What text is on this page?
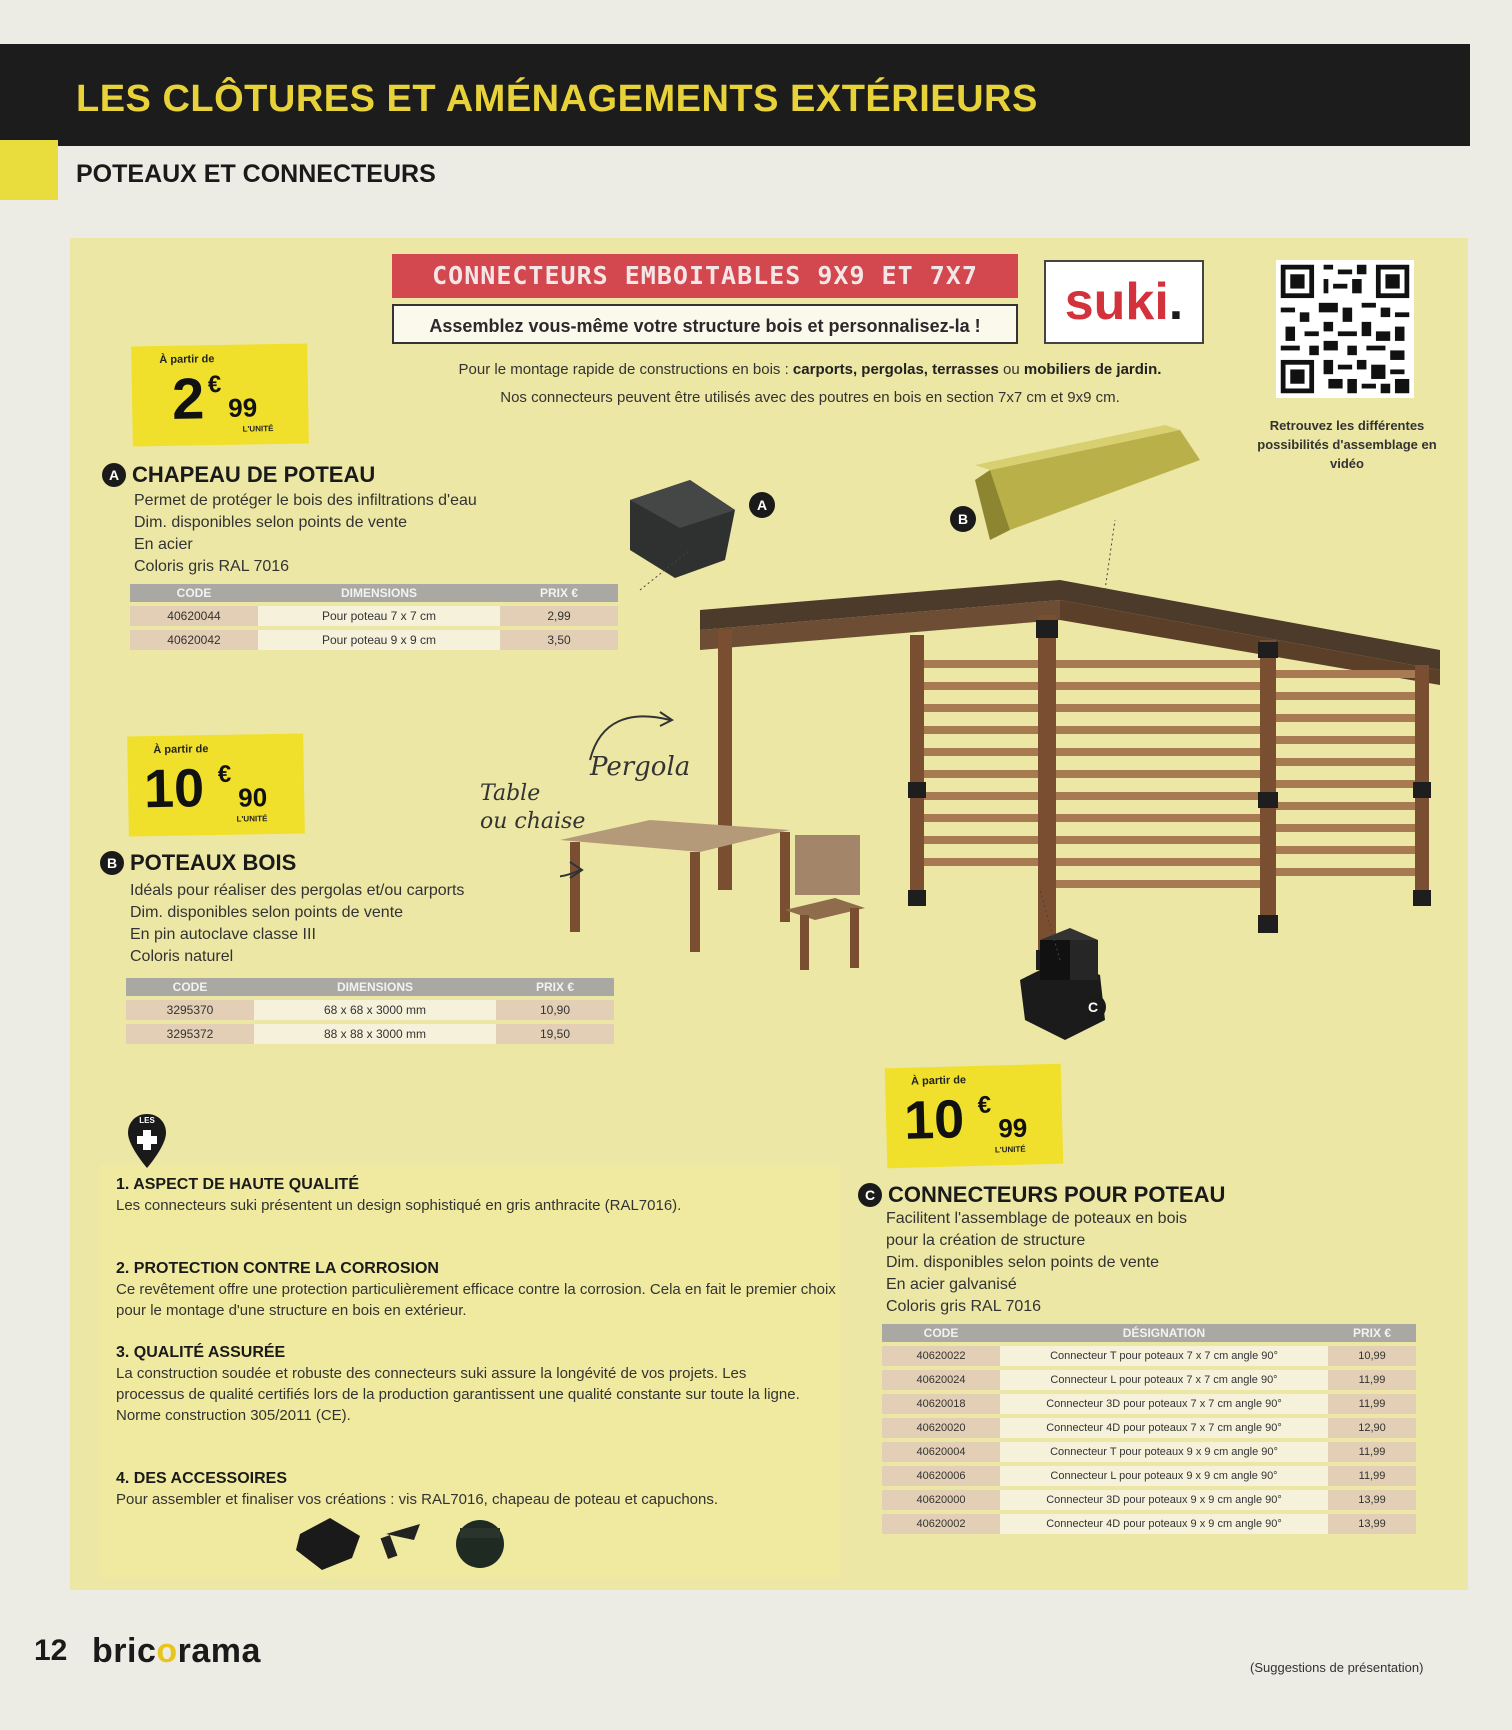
LES CLÔTURES ET AMÉNAGEMENTS EXTÉRIEURS
POTEAUX ET CONNECTEURS
CONNECTEURS EMBOITABLES 9X9 ET 7X7
Assemblez vous-même votre structure bois et personnalisez-la !	suki.
Retrouvez les différentes possibilités d'assemblage en vidéo
Pour le montage rapide de constructions en bois : carports, pergolas, terrasses ou mobiliers de jardin.
Nos connecteurs peuvent être utilisés avec des poutres en bois en section 7x7 cm et 9x9 cm.
À partir de
2 €
99
L'UNITÉ
A CHAPEAU DE POTEAU
Permet de protéger le bois des infiltrations d'eau
Dim. disponibles selon points de vente
En acier
Coloris gris RAL 7016
CODE	DIMENSIONS	PRIX €
40620044	Pour poteau 7 x 7 cm	2,99
40620042	Pour poteau 9 x 9 cm	3,50
À partir de
10 €
90
L'UNITÉ
B POTEAUX BOIS
Idéals pour réaliser des pergolas et/ou carports
Dim. disponibles selon points de vente
En pin autoclave classe III
Coloris naturel
CODE	DIMENSIONS	PRIX €
3295370	68 x 68 x 3000 mm	10,90
3295372	88 x 88 x 3000 mm	19,50
A
B
C
Pergola
Table
ou chaise
À partir de
10 €
99
L'UNITÉ
C CONNECTEURS POUR POTEAU
Facilitent l'assemblage de poteaux en bois
pour la création de structure
Dim. disponibles selon points de vente
En acier galvanisé
Coloris gris RAL 7016
CODE	DÉSIGNATION	PRIX €
40620022	Connecteur T pour poteaux 7 x 7 cm angle 90°	10,99
40620024	Connecteur L pour poteaux 7 x 7 cm angle 90°	11,99
40620018	Connecteur 3D pour poteaux 7 x 7 cm angle 90°	11,99
40620020	Connecteur 4D pour poteaux 7 x 7 cm angle 90°	12,90
40620004	Connecteur T pour poteaux 9 x 9 cm angle 90°	11,99
40620006	Connecteur L pour poteaux 9 x 9 cm angle 90°	11,99
40620000	Connecteur 3D pour poteaux 9 x 9 cm angle 90°	13,99
40620002	Connecteur 4D pour poteaux 9 x 9 cm angle 90°	13,99
LES
1. ASPECT DE HAUTE QUALITÉ
Les connecteurs suki présentent un design sophistiqué en gris anthracite (RAL7016).
2. PROTECTION CONTRE LA CORROSION
Ce revêtement offre une protection particulièrement efficace contre la corrosion. Cela en fait le premier choix pour le montage d'une structure en bois en extérieur.
3. QUALITÉ ASSURÉE
La construction soudée et robuste des connecteurs suki assure la longévité de vos projets. Les processus de qualité certifiés lors de la production garantissent une qualité constante sur toute la ligne. Norme construction 305/2011 (CE).
4. DES ACCESSOIRES
Pour assembler et finaliser vos créations : vis RAL7016, chapeau de poteau et capuchons.
12 bricorama	(Suggestions de présentation)
